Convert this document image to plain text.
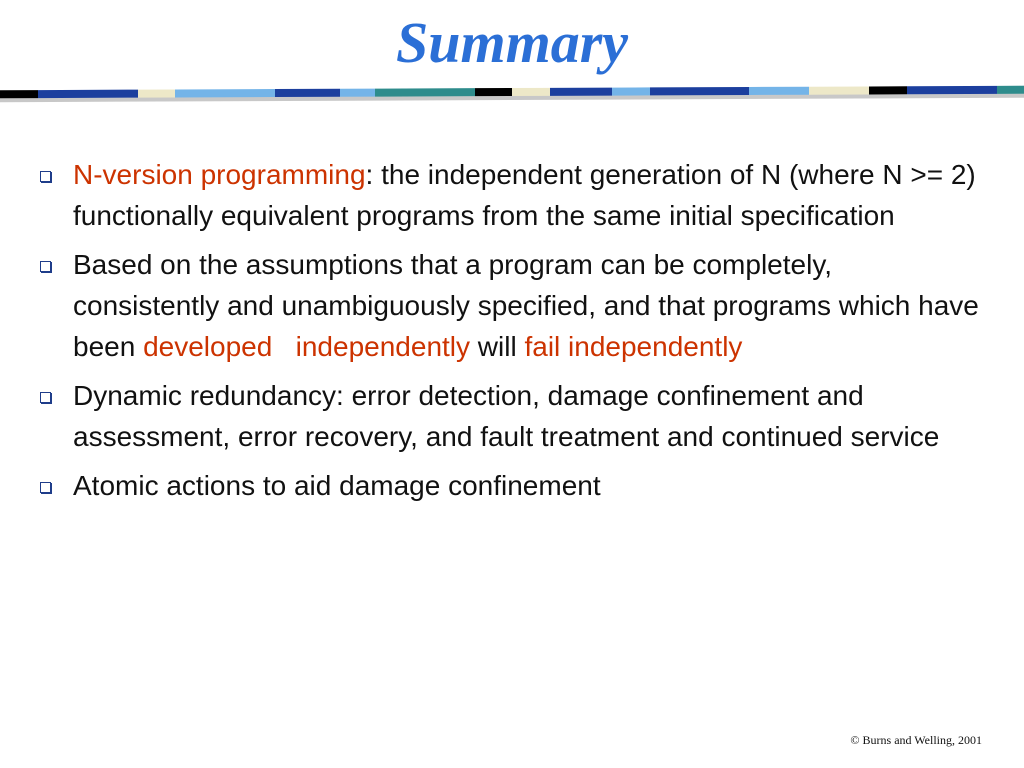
Summary
N-version programming: the independent generation of N (where N >= 2) functionally equivalent programs from the same initial specification
Based on the assumptions that a program can be completely, consistently and unambiguously specified, and that programs which have been developed   independently will fail independently
Dynamic redundancy: error detection, damage confinement and assessment, error recovery, and fault treatment and continued service
Atomic actions to aid damage confinement
© Burns and Welling, 2001
